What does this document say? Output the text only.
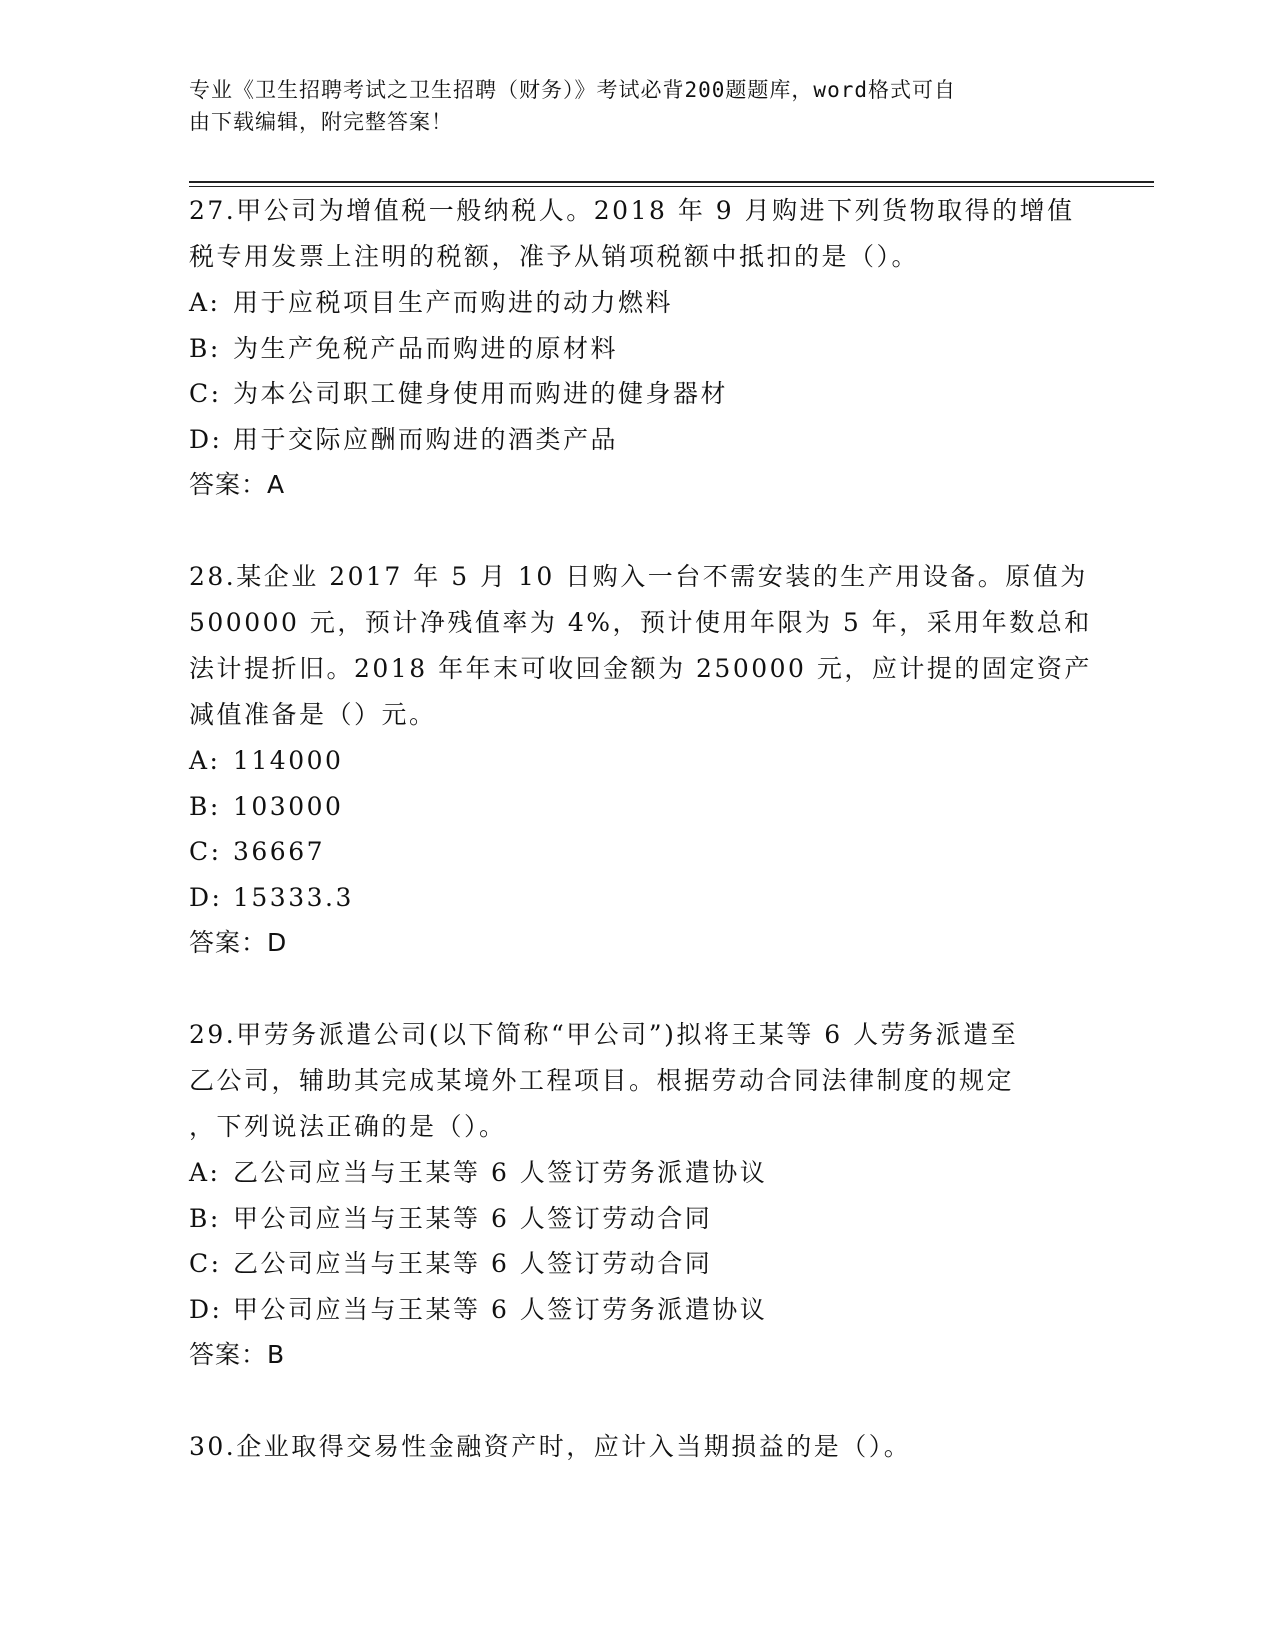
专业《卫生招聘考试之卫生招聘（财务）》考试必背200题题库，word格式可自
由下载编辑，附完整答案！
27.甲公司为增值税一般纳税人。2018 年 9 月购进下列货物取得的增值
税专用发票上注明的税额，准予从销项税额中抵扣的是（）。
A: 用于应税项目生产而购进的动力燃料
B: 为生产免税产品而购进的原材料
C: 为本公司职工健身使用而购进的健身器材
D: 用于交际应酬而购进的酒类产品
答案：A
28.某企业 2017 年 5 月 10 日购入一台不需安装的生产用设备。原值为
500000 元，预计净残值率为 4%，预计使用年限为 5 年，采用年数总和
法计提折旧。2018 年年末可收回金额为 250000 元，应计提的固定资产
减值准备是（）元。
A: 114000
B: 103000
C: 36667
D: 15333.3
答案：D
29.甲劳务派遣公司(以下简称“甲公司”)拟将王某等 6 人劳务派遣至
乙公司，辅助其完成某境外工程项目。根据劳动合同法律制度的规定
，下列说法正确的是（）。
A: 乙公司应当与王某等 6 人签订劳务派遣协议
B: 甲公司应当与王某等 6 人签订劳动合同
C: 乙公司应当与王某等 6 人签订劳动合同
D: 甲公司应当与王某等 6 人签订劳务派遣协议
答案：B
30.企业取得交易性金融资产时，应计入当期损益的是（）。
